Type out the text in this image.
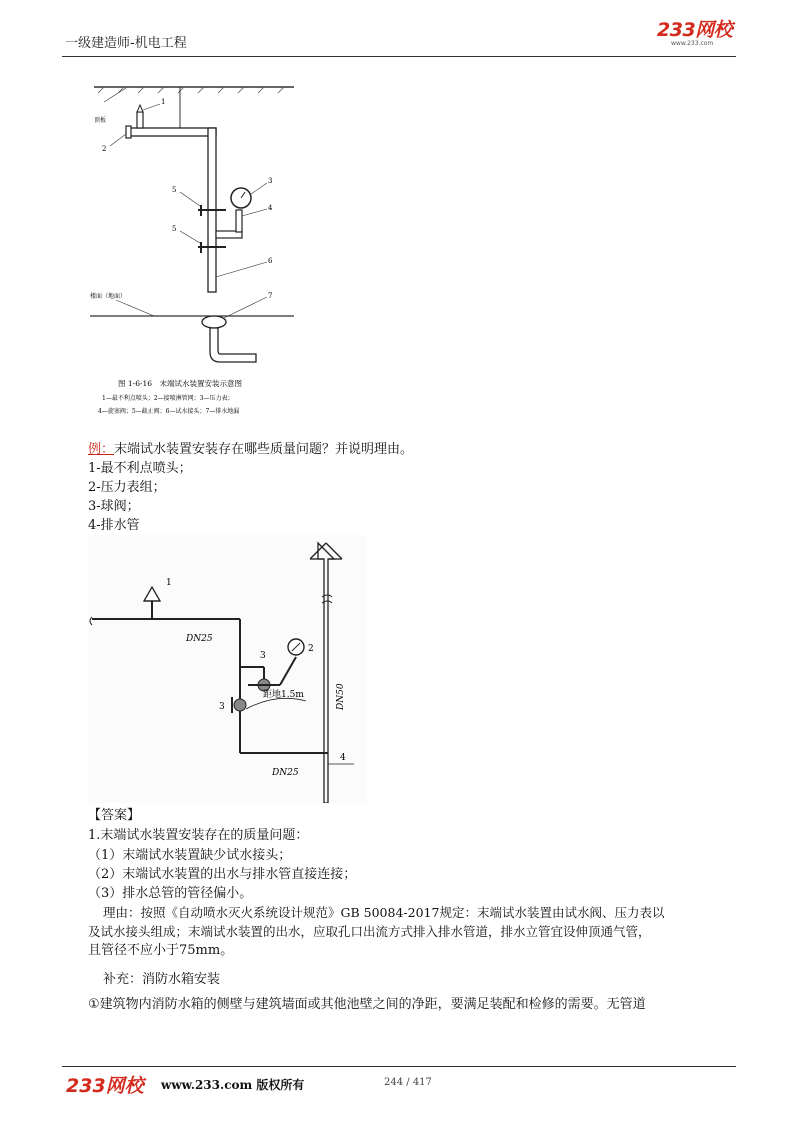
一级建造师-机电工程
233网校
www.233.com
顶板
1
2
5
5
3
4
6
楼面（地面）	7
图 1-6-16　末端试水装置安装示意图
1—最不利点喷头；2—接喷淋管网；3—压力表；
4—旋塞阀；5—截止阀；6—试水接头；7—排水地漏
例：末端试水装置安装存在哪些质量问题？并说明理由。
1-最不利点喷头；
2-压力表组；
3-球阀；
4-排水管
DN50
DN25
1
3
2
3
距地1.5m
DN25
4
【答案】
1.末端试水装置安装存在的质量问题：
（1）末端试水装置缺少试水接头；
（2）末端试水装置的出水与排水管直接连接；
（3）排水总管的管径偏小。
理由：按照《自动喷水灭火系统设计规范》GB 50084-2017规定：末端试水装置由试水阀、压力表以
及试水接头组成；末端试水装置的出水，应取孔口出流方式排入排水管道，排水立管宜设伸顶通气管，
且管径不应小于75mm。
补充：消防水箱安装
①建筑物内消防水箱的侧壁与建筑墙面或其他池壁之间的净距，要满足装配和检修的需要。无管道
233网校 www.233.com 版权所有	244 / 417
